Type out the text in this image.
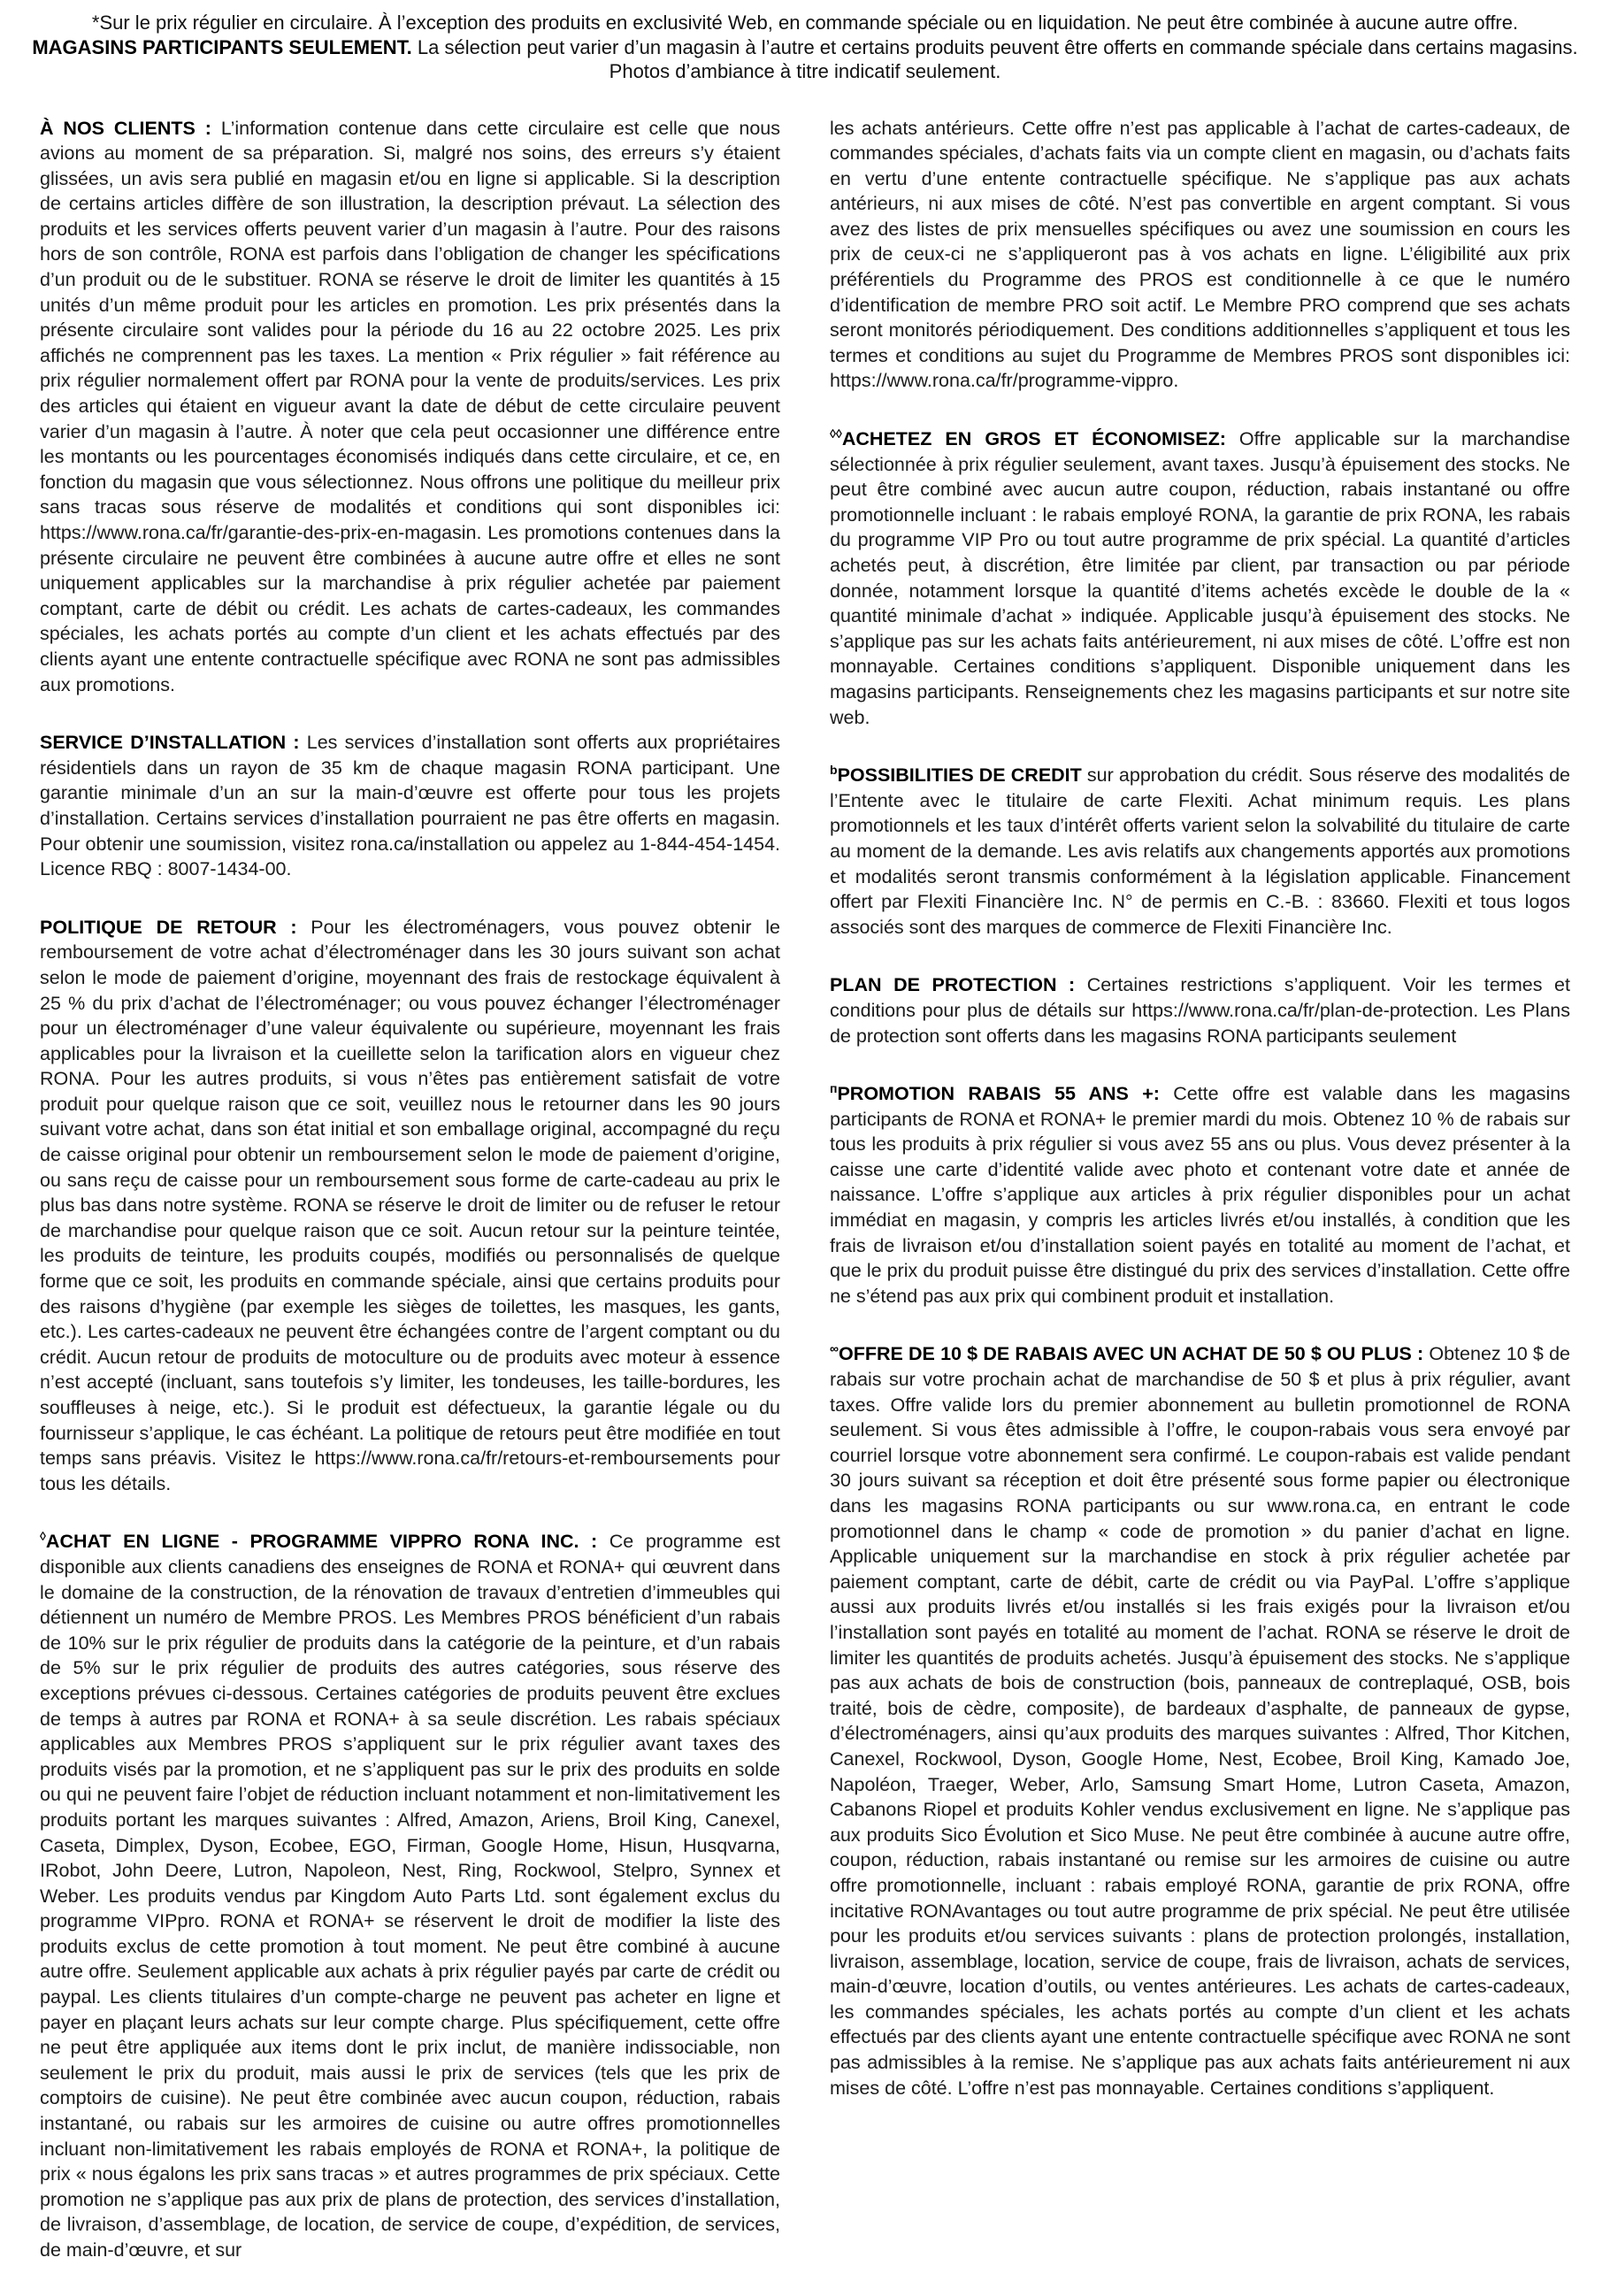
*Sur le prix régulier en circulaire. À l’exception des produits en exclusivité Web, en commande spéciale ou en liquidation. Ne peut être combinée à aucune autre offre.

MAGASINS PARTICIPANTS SEULEMENT. La sélection peut varier d’un magasin à l’autre et certains produits peuvent être offerts en commande spéciale dans certains magasins.

Photos d’ambiance à titre indicatif seulement.

À NOS CLIENTS : L’information contenue dans cette circulaire est celle que nous avions au moment de sa préparation. Si, malgré nos soins, des erreurs s’y étaient glissées, un avis sera publié en magasin et/ou en ligne si applicable. Si la description de certains articles diffère de son illustration, la description prévaut. La sélection des produits et les services offerts peuvent varier d’un magasin à l’autre. Pour des raisons hors de son contrôle, RONA est parfois dans l’obligation de changer les spécifications d’un produit ou de le substituer. RONA se réserve le droit de limiter les quantités à 15 unités d’un même produit pour les articles en promotion. Les prix présentés dans la présente circulaire sont valides pour la période du 16 au 22 octobre 2025. Les prix affichés ne comprennent pas les taxes. La mention « Prix régulier » fait référence au prix régulier normalement offert par RONA pour la vente de produits/services. Les prix des articles qui étaient en vigueur avant la date de début de cette circulaire peuvent varier d’un magasin à l’autre. À noter que cela peut occasionner une différence entre les montants ou les pourcentages économisés indiqués dans cette circulaire, et ce, en fonction du magasin que vous sélectionnez. Nous offrons une politique du meilleur prix sans tracas sous réserve de modalités et conditions qui sont disponibles ici: https://www.rona.ca/fr/garantie-des-prix-en-magasin. Les promotions contenues dans la présente circulaire ne peuvent être combinées à aucune autre offre et elles ne sont uniquement applicables sur la marchandise à prix régulier achetée par paiement comptant, carte de débit ou crédit. Les achats de cartes-cadeaux, les commandes spéciales, les achats portés au compte d’un client et les achats effectués par des clients ayant une entente contractuelle spécifique avec RONA ne sont pas admissibles aux promotions.

SERVICE D’INSTALLATION : Les services d’installation sont offerts aux propriétaires résidentiels dans un rayon de 35 km de chaque magasin RONA participant. Une garantie minimale d’un an sur la main-d’œuvre est offerte pour tous les projets d’installation. Certains services d’installation pourraient ne pas être offerts en magasin. Pour obtenir une soumission, visitez rona.ca/installation ou appelez au 1-844-454-1454. Licence RBQ : 8007-1434-00.

POLITIQUE DE RETOUR : Pour les électroménagers, vous pouvez obtenir le remboursement de votre achat d’électroménager dans les 30 jours suivant son achat selon le mode de paiement d’origine, moyennant des frais de restockage équivalent à 25 % du prix d’achat de l’électroménager; ou vous pouvez échanger l’électroménager pour un électroménager d’une valeur équivalente ou supérieure, moyennant les frais applicables pour la livraison et la cueillette selon la tarification alors en vigueur chez RONA. Pour les autres produits, si vous n’êtes pas entièrement satisfait de votre produit pour quelque raison que ce soit, veuillez nous le retourner dans les 90 jours suivant votre achat, dans son état initial et son emballage original, accompagné du reçu de caisse original pour obtenir un remboursement selon le mode de paiement d’origine, ou sans reçu de caisse pour un remboursement sous forme de carte-cadeau au prix le plus bas dans notre système. RONA se réserve le droit de limiter ou de refuser le retour de marchandise pour quelque raison que ce soit. Aucun retour sur la peinture teintée, les produits de teinture, les produits coupés, modifiés ou personnalisés de quelque forme que ce soit, les produits en commande spéciale, ainsi que certains produits pour des raisons d’hygiène (par exemple les sièges de toilettes, les masques, les gants, etc.). Les cartes-cadeaux ne peuvent être échangées contre de l’argent comptant ou du crédit. Aucun retour de produits de motoculture ou de produits avec moteur à essence n’est accepté (incluant, sans toutefois s’y limiter, les tondeuses, les taille-bordures, les souffleuses à neige, etc.). Si le produit est défectueux, la garantie légale ou du fournisseur s’applique, le cas échéant. La politique de retours peut être modifiée en tout temps sans préavis. Visitez le https://www.rona.ca/fr/retours-et-remboursements pour tous les détails.

◊ACHAT EN LIGNE - PROGRAMME VIPPRO RONA INC. : Ce programme est disponible aux clients canadiens des enseignes de RONA et RONA+ qui œuvrent dans le domaine de la construction, de la rénovation de travaux d’entretien d’immeubles qui détiennent un numéro de Membre PROS. Les Membres PROS bénéficient d’un rabais de 10% sur le prix régulier de produits dans la catégorie de la peinture, et d’un rabais de 5% sur le prix régulier de produits des autres catégories, sous réserve des exceptions prévues ci-dessous. Certaines catégories de produits peuvent être exclues de temps à autres par RONA et RONA+ à sa seule discrétion. Les rabais spéciaux applicables aux Membres PROS s’appliquent sur le prix régulier avant taxes des produits visés par la promotion, et ne s’appliquent pas sur le prix des produits en solde ou qui ne peuvent faire l’objet de réduction incluant notamment et non-limitativement les produits portant les marques suivantes : Alfred, Amazon, Ariens, Broil King, Canexel, Caseta, Dimplex, Dyson, Ecobee, EGO, Firman, Google Home, Hisun, Husqvarna, IRobot, John Deere, Lutron, Napoleon, Nest, Ring, Rockwool, Stelpro, Synnex et Weber. Les produits vendus par Kingdom Auto Parts Ltd. sont également exclus du programme VIPpro. RONA et RONA+ se réservent le droit de modifier la liste des produits exclus de cette promotion à tout moment. Ne peut être combiné à aucune autre offre. Seulement applicable aux achats à prix régulier payés par carte de crédit ou paypal. Les clients titulaires d’un compte-charge ne peuvent pas acheter en ligne et payer en plaçant leurs achats sur leur compte charge. Plus spécifiquement, cette offre ne peut être appliquée aux items dont le prix inclut, de manière indissociable, non seulement le prix du produit, mais aussi le prix de services (tels que les prix de comptoirs de cuisine). Ne peut être combinée avec aucun coupon, réduction, rabais instantané, ou rabais sur les armoires de cuisine ou autre offres promotionnelles incluant non-limitativement les rabais employés de RONA et RONA+, la politique de prix « nous égalons les prix sans tracas » et autres programmes de prix spéciaux. Cette promotion ne s’applique pas aux prix de plans de protection, des services d’installation, de livraison, d’assemblage, de location, de service de coupe, d’expédition, de services, de main-d’œuvre, et sur

les achats antérieurs. Cette offre n’est pas applicable à l’achat de cartes-cadeaux, de commandes spéciales, d’achats faits via un compte client en magasin, ou d’achats faits en vertu d’une entente contractuelle spécifique. Ne s’applique pas aux achats antérieurs, ni aux mises de côté. N’est pas convertible en argent comptant. Si vous avez des listes de prix mensuelles spécifiques ou avez une soumission en cours les prix de ceux-ci ne s’appliqueront pas à vos achats en ligne. L’éligibilité aux prix préférentiels du Programme des PROS est conditionnelle à ce que le numéro d’identification de membre PRO soit actif. Le Membre PRO comprend que ses achats seront monitorés périodiquement. Des conditions additionnelles s’appliquent et tous les termes et conditions au sujet du Programme de Membres PROS sont disponibles ici: https://www.rona.ca/fr/programme-vippro.

◊◊ACHETEZ EN GROS ET ÉCONOMISEZ: Offre applicable sur la marchandise sélectionnée à prix régulier seulement, avant taxes. Jusqu’à épuisement des stocks. Ne peut être combiné avec aucun autre coupon, réduction, rabais instantané ou offre promotionnelle incluant : le rabais employé RONA, la garantie de prix RONA, les rabais du programme VIP Pro ou tout autre programme de prix spécial. La quantité d’articles achetés peut, à discrétion, être limitée par client, par transaction ou par période donnée, notamment lorsque la quantité d’items achetés excède le double de la « quantité minimale d’achat » indiquée. Applicable jusqu’à épuisement des stocks. Ne s’applique pas sur les achats faits antérieurement, ni aux mises de côté. L’offre est non monnayable. Certaines conditions s’appliquent. Disponible uniquement dans les magasins participants. Renseignements chez les magasins participants et sur notre site web.

$^b$POSSIBILITIES DE CREDIT sur approbation du crédit. Sous réserve des modalités de l’Entente avec le titulaire de carte Flexiti. Achat minimum requis. Les plans promotionnels et les taux d’intérêt offerts varient selon la solvabilité du titulaire de carte au moment de la demande. Les avis relatifs aux changements apportés aux promotions et modalités seront transmis conformément à la législation applicable. Financement offert par Flexiti Financière Inc. N° de permis en C.-B. : 83660. Flexiti et tous logos associés sont des marques de commerce de Flexiti Financière Inc.

PLAN DE PROTECTION : Certaines restrictions s’appliquent. Voir les termes et conditions pour plus de détails sur https://www.rona.ca/fr/plan-de-protection. Les Plans de protection sont offerts dans les magasins RONA participants seulement

$^ᴨ$PROMOTION RABAIS 55 ANS +: Cette offre est valable dans les magasins participants de RONA et RONA+ le premier mardi du mois. Obtenez 10 % de rabais sur tous les produits à prix régulier si vous avez 55 ans ou plus. Vous devez présenter à la caisse une carte d’identité valide avec photo et contenant votre date et année de naissance. L’offre s’applique aux articles à prix régulier disponibles pour un achat immédiat en magasin, y compris les articles livrés et/ou installés, à condition que les frais de livraison et/ou d’installation soient payés en totalité au moment de l’achat, et que le prix du produit puisse être distingué du prix des services d’installation. Cette offre ne s’étend pas aux prix qui combinent produit et installation.

∞OFFRE DE 10 $ DE RABAIS AVEC UN ACHAT DE 50 $ OU PLUS : Obtenez 10 $ de rabais sur votre prochain achat de marchandise de 50 $ et plus à prix régulier, avant taxes. Offre valide lors du premier abonnement au bulletin promotionnel de RONA seulement. Si vous êtes admissible à l’offre, le coupon-rabais vous sera envoyé par courriel lorsque votre abonnement sera confirmé. Le coupon-rabais est valide pendant 30 jours suivant sa réception et doit être présenté sous forme papier ou électronique dans les magasins RONA participants ou sur www.rona.ca, en entrant le code promotionnel dans le champ « code de promotion » du panier d’achat en ligne. Applicable uniquement sur la marchandise en stock à prix régulier achetée par paiement comptant, carte de débit, carte de crédit ou via PayPal. L’offre s’applique aussi aux produits livrés et/ou installés si les frais exigés pour la livraison et/ou l’installation sont payés en totalité au moment de l’achat. RONA se réserve le droit de limiter les quantités de produits achetés. Jusqu’à épuisement des stocks. Ne s’applique pas aux achats de bois de construction (bois, panneaux de contreplaqué, OSB, bois traité, bois de cèdre, composite), de bardeaux d’asphalte, de panneaux de gypse, d’électroménagers, ainsi qu’aux produits des marques suivantes : Alfred, Thor Kitchen, Canexel, Rockwool, Dyson, Google Home, Nest, Ecobee, Broil King, Kamado Joe, Napoléon, Traeger, Weber, Arlo, Samsung Smart Home, Lutron Caseta, Amazon, Cabanons Riopel et produits Kohler vendus exclusivement en ligne. Ne s’applique pas aux produits Sico Évolution et Sico Muse. Ne peut être combinée à aucune autre offre, coupon, réduction, rabais instantané ou remise sur les armoires de cuisine ou autre offre promotionnelle, incluant : rabais employé RONA, garantie de prix RONA, offre incitative RONAvantages ou tout autre programme de prix spécial. Ne peut être utilisée pour les produits et/ou services suivants : plans de protection prolongés, installation, livraison, assemblage, location, service de coupe, frais de livraison, achats de services, main-d’œuvre, location d’outils, ou ventes antérieures. Les achats de cartes-cadeaux, les commandes spéciales, les achats portés au compte d’un client et les achats effectués par des clients ayant une entente contractuelle spécifique avec RONA ne sont pas admissibles à la remise. Ne s’applique pas aux achats faits antérieurement ni aux mises de côté. L’offre n’est pas monnayable. Certaines conditions s’appliquent.
